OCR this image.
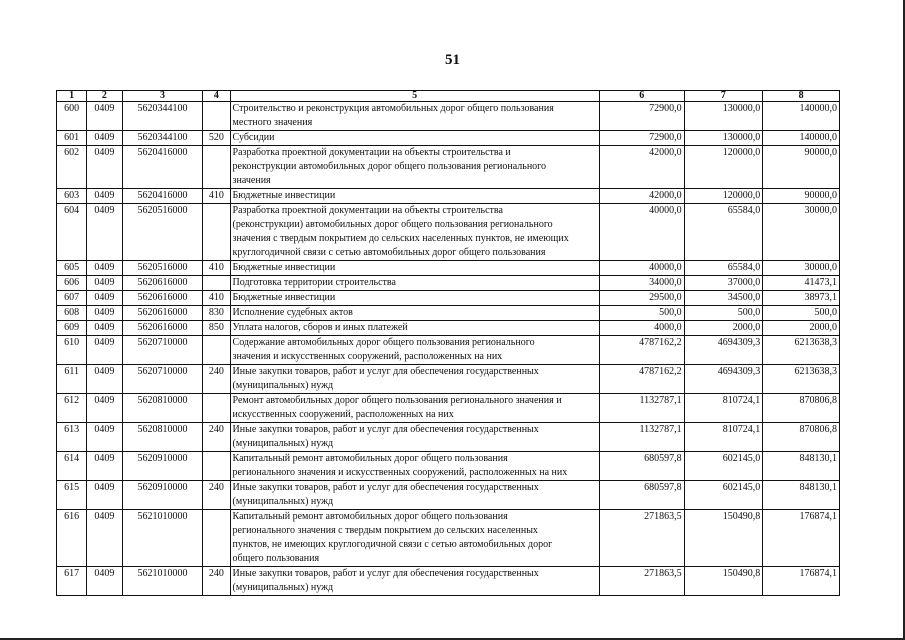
51
1	2	3	4	5	6	7	8
600	0409	5620344100		Строительство и реконструкция автомобильных дорог общего пользования
местного значения	72900,0	130000,0	140000,0
601	0409	5620344100	520	Субсидии	72900,0	130000,0	140000,0
602	0409	5620416000		Разработка проектной документации на объекты строительства и
реконструкции автомобильных дорог общего пользования регионального
значения	42000,0	120000,0	90000,0
603	0409	5620416000	410	Бюджетные инвестиции	42000,0	120000,0	90000,0
604	0409	5620516000		Разработка проектной документации на объекты строительства
(реконструкции) автомобильных дорог общего пользования регионального
значения с твердым покрытием до сельских населенных пунктов, не имеющих
круглогодичной связи с сетью автомобильных дорог общего пользования	40000,0	65584,0	30000,0
605	0409	5620516000	410	Бюджетные инвестиции	40000,0	65584,0	30000,0
606	0409	5620616000		Подготовка территории строительства	34000,0	37000,0	41473,1
607	0409	5620616000	410	Бюджетные инвестиции	29500,0	34500,0	38973,1
608	0409	5620616000	830	Исполнение судебных актов	500,0	500,0	500,0
609	0409	5620616000	850	Уплата налогов, сборов и иных платежей	4000,0	2000,0	2000,0
610	0409	5620710000		Содержание автомобильных дорог общего пользования регионального
значения и искусственных сооружений, расположенных на них	4787162,2	4694309,3	6213638,3
611	0409	5620710000	240	Иные закупки товаров, работ и услуг для обеспечения государственных
(муниципальных) нужд	4787162,2	4694309,3	6213638,3
612	0409	5620810000		Ремонт автомобильных дорог общего пользования регионального значения и
искусственных сооружений, расположенных на них	1132787,1	810724,1	870806,8
613	0409	5620810000	240	Иные закупки товаров, работ и услуг для обеспечения государственных
(муниципальных) нужд	1132787,1	810724,1	870806,8
614	0409	5620910000		Капитальный ремонт автомобильных дорог общего пользования
регионального значения и искусственных сооружений, расположенных на них	680597,8	602145,0	848130,1
615	0409	5620910000	240	Иные закупки товаров, работ и услуг для обеспечения государственных
(муниципальных) нужд	680597,8	602145,0	848130,1
616	0409	5621010000		Капитальный ремонт автомобильных дорог общего пользования
регионального значения с твердым покрытием до сельских населенных
пунктов, не имеющих круглогодичной связи с сетью автомобильных дорог
общего пользования	271863,5	150490,8	176874,1
617	0409	5621010000	240	Иные закупки товаров, работ и услуг для обеспечения государственных
(муниципальных) нужд	271863,5	150490,8	176874,1
